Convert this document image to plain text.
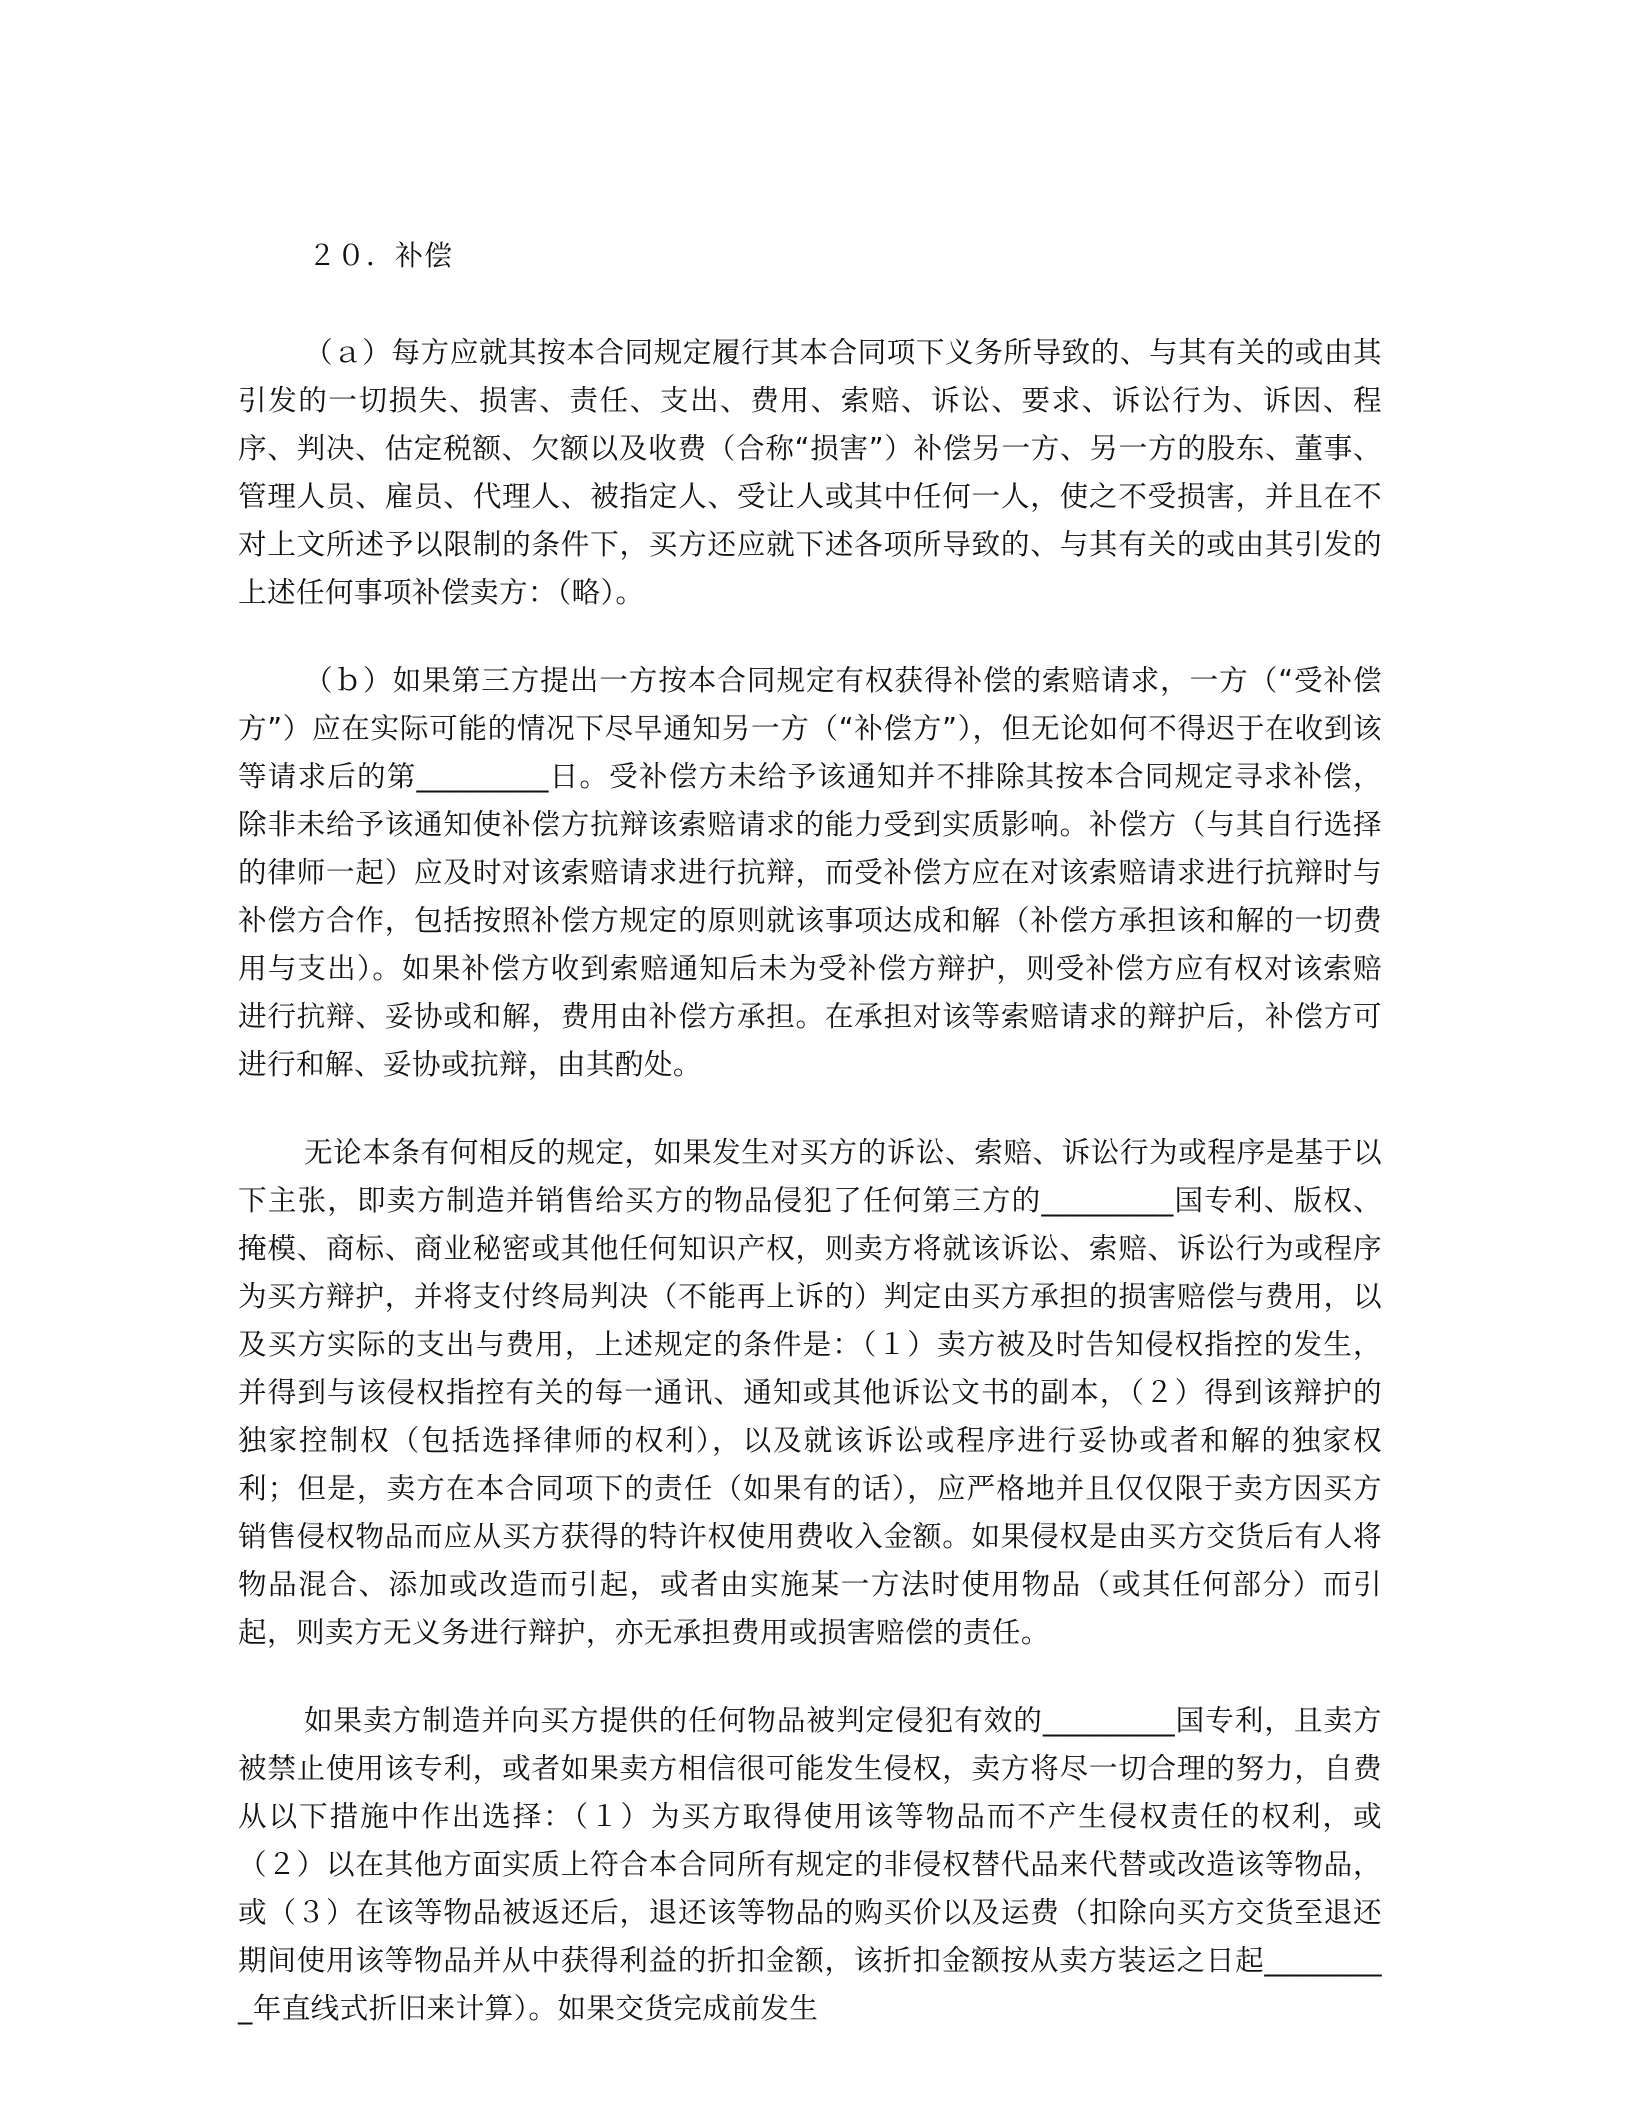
２０．补偿

（ａ）每方应就其按本合同规定履行其本合同项下义务所导致的、与其有关的或由其引发的一切损失、损害、责任、支出、费用、索赔、诉讼、要求、诉讼行为、诉因、程序、判决、估定税额、欠额以及收费（合称“损害”）补偿另一方、另一方的股东、董事、管理人员、雇员、代理人、被指定人、受让人或其中任何一人，使之不受损害，并且在不对上文所述予以限制的条件下，买方还应就下述各项所导致的、与其有关的或由其引发的上述任何事项补偿卖方：（略）。

（ｂ）如果第三方提出一方按本合同规定有权获得补偿的索赔请求，一方（“受补偿方”）应在实际可能的情况下尽早通知另一方（“补偿方”），但无论如何不得迟于在收到该等请求后的第_________日。受补偿方未给予该通知并不排除其按本合同规定寻求补偿，除非未给予该通知使补偿方抗辩该索赔请求的能力受到实质影响。补偿方（与其自行选择的律师一起）应及时对该索赔请求进行抗辩，而受补偿方应在对该索赔请求进行抗辩时与补偿方合作，包括按照补偿方规定的原则就该事项达成和解（补偿方承担该和解的一切费用与支出）。如果补偿方收到索赔通知后未为受补偿方辩护，则受补偿方应有权对该索赔进行抗辩、妥协或和解，费用由补偿方承担。在承担对该等索赔请求的辩护后，补偿方可进行和解、妥协或抗辩，由其酌处。

无论本条有何相反的规定，如果发生对买方的诉讼、索赔、诉讼行为或程序是基于以下主张，即卖方制造并销售给买方的物品侵犯了任何第三方的_________国专利、版权、掩模、商标、商业秘密或其他任何知识产权，则卖方将就该诉讼、索赔、诉讼行为或程序为买方辩护，并将支付终局判决（不能再上诉的）判定由买方承担的损害赔偿与费用，以及买方实际的支出与费用，上述规定的条件是：（１）卖方被及时告知侵权指控的发生，并得到与该侵权指控有关的每一通讯、通知或其他诉讼文书的副本，（２）得到该辩护的独家控制权（包括选择律师的权利），以及就该诉讼或程序进行妥协或者和解的独家权利；但是，卖方在本合同项下的责任（如果有的话），应严格地并且仅仅限于卖方因买方销售侵权物品而应从买方获得的特许权使用费收入金额。如果侵权是由买方交货后有人将物品混合、添加或改造而引起，或者由实施某一方法时使用物品（或其任何部分）而引起，则卖方无义务进行辩护，亦无承担费用或损害赔偿的责任。

如果卖方制造并向买方提供的任何物品被判定侵犯有效的_________国专利，且卖方被禁止使用该专利，或者如果卖方相信很可能发生侵权，卖方将尽一切合理的努力，自费从以下措施中作出选择：（１）为买方取得使用该等物品而不产生侵权责任的权利，或（２）以在其他方面实质上符合本合同所有规定的非侵权替代品来代替或改造该等物品，或（３）在该等物品被返还后，退还该等物品的购买价以及运费（扣除向买方交货至退还期间使用该等物品并从中获得利益的折扣金额，该折扣金额按从卖方装运之日起_________年直线式折旧来计算）。如果交货完成前发生
